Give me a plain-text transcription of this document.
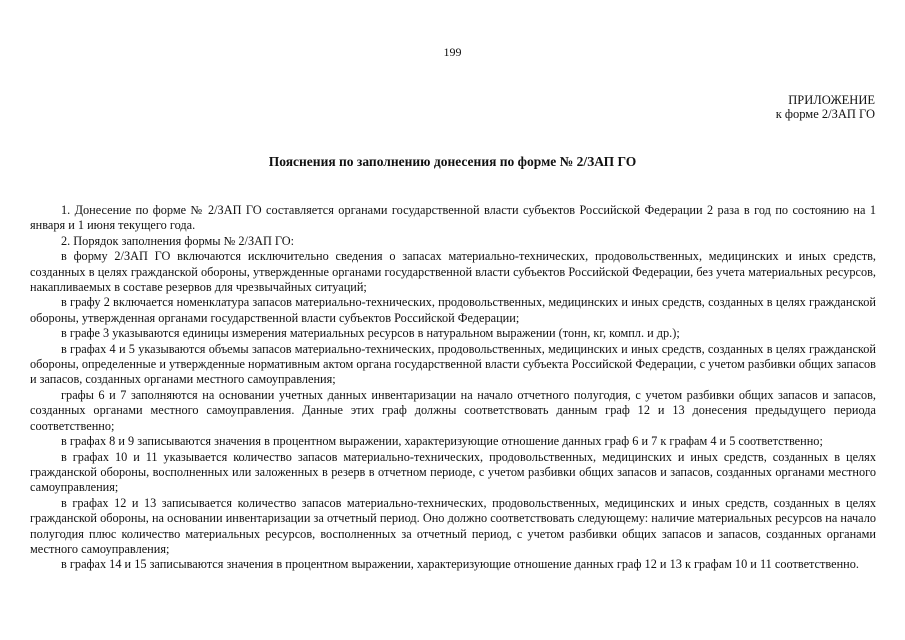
199
ПРИЛОЖЕНИЕ
к форме 2/ЗАП ГО
Пояснения по заполнению донесения по форме № 2/ЗАП ГО

1. Донесение по форме № 2/ЗАП ГО составляется органами государственной власти субъектов Российской Федерации 2 раза в год по состоянию на 1 января и 1 июня текущего года.

2. Порядок заполнения формы № 2/ЗАП ГО:

в форму 2/ЗАП ГО включаются исключительно сведения о запасах материально-технических, продовольственных, медицинских и иных средств, созданных в целях гражданской обороны, утвержденные органами государственной власти субъектов Российской Федерации, без учета материальных ресурсов, накапливаемых в составе резервов для чрезвычайных ситуаций;

в графу 2 включается номенклатура запасов материально-технических, продовольственных, медицинских и иных средств, созданных в целях гражданской обороны, утвержденная органами государственной власти субъектов Российской Федерации;

в графе 3 указываются единицы измерения материальных ресурсов в натуральном выражении (тонн, кг, компл. и др.);

в графах 4 и 5 указываются объемы запасов материально-технических, продовольственных, медицинских и иных средств, созданных в целях гражданской обороны, определенные и утвержденные нормативным актом органа государственной власти субъекта Российской Федерации, с учетом разбивки общих запасов и запасов, созданных органами местного самоуправления;

графы 6 и 7 заполняются на основании учетных данных инвентаризации на начало отчетного полугодия, с учетом разбивки общих запасов и запасов, созданных органами местного самоуправления. Данные этих граф должны соответствовать данным граф 12 и 13 донесения предыдущего периода соответственно;

в графах 8 и 9 записываются значения в процентном выражении, характеризующие отношение данных граф 6 и 7 к графам 4 и 5 соответственно;

в графах 10 и 11 указывается количество запасов материально-технических, продовольственных, медицинских и иных средств, созданных в целях гражданской обороны, восполненных или заложенных в резерв в отчетном периоде, с учетом разбивки общих запасов и запасов, созданных органами местного самоуправления;

в графах 12 и 13 записывается количество запасов материально-технических, продовольственных, медицинских и иных средств, созданных в целях гражданской обороны, на основании инвентаризации за отчетный период. Оно должно соответствовать следующему: наличие материальных ресурсов на начало полугодия плюс количество материальных ресурсов, восполненных за отчетный период, с учетом разбивки общих запасов и запасов, созданных органами местного самоуправления;

в графах 14 и 15 записываются значения в процентном выражении, характеризующие отношение данных граф 12 и 13 к графам 10 и 11 соответственно.
